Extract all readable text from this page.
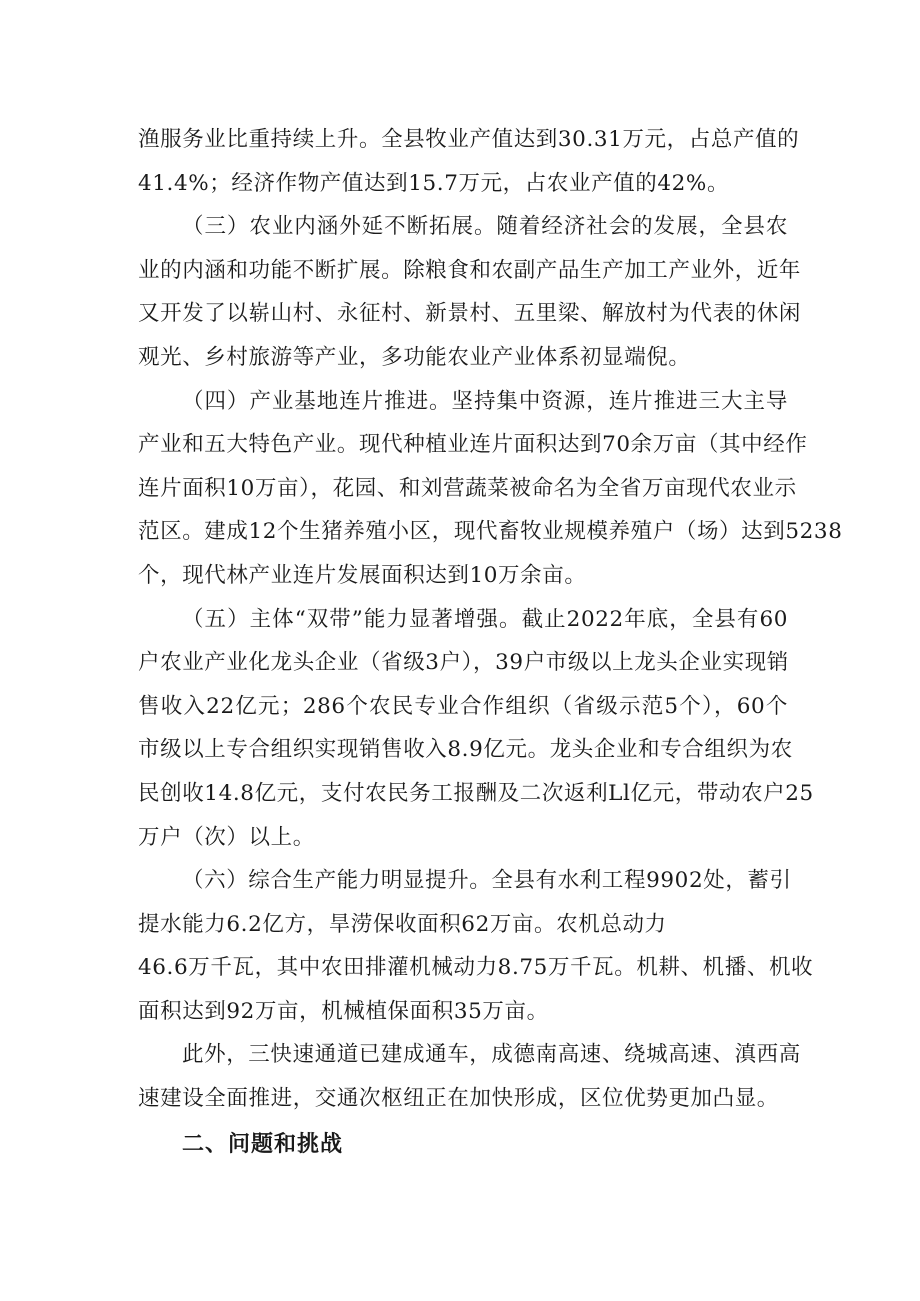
渔服务业比重持续上升。全县牧业产值达到30.31万元，占总产值的
41.4%；经济作物产值达到15.7万元，占农业产值的42%。
（三）农业内涵外延不断拓展。随着经济社会的发展，全县农
业的内涵和功能不断扩展。除粮食和农副产品生产加工产业外，近年
又开发了以崭山村、永征村、新景村、五里梁、解放村为代表的休闲
观光、乡村旅游等产业，多功能农业产业体系初显端倪。
（四）产业基地连片推进。坚持集中资源，连片推进三大主导
产业和五大特色产业。现代种植业连片面积达到70余万亩（其中经作
连片面积10万亩），花园、和刘营蔬菜被命名为全省万亩现代农业示
范区。建成12个生猪养殖小区，现代畜牧业规模养殖户（场）达到5238
个，现代林产业连片发展面积达到10万余亩。
（五）主体“双带”能力显著增强。截止2022年底，全县有60
户农业产业化龙头企业（省级3户），39户市级以上龙头企业实现销
售收入22亿元；286个农民专业合作组织（省级示范5个），60个
市级以上专合组织实现销售收入8.9亿元。龙头企业和专合组织为农
民创收14.8亿元，支付农民务工报酬及二次返利Ll亿元，带动农户25
万户（次）以上。
（六）综合生产能力明显提升。全县有水利工程9902处，蓄引
提水能力6.2亿方，旱涝保收面积62万亩。农机总动力
46.6万千瓦，其中农田排灌机械动力8.75万千瓦。机耕、机播、机收
面积达到92万亩，机械植保面积35万亩。
此外，三快速通道已建成通车，成德南高速、绕城高速、滇西高
速建设全面推进，交通次枢纽正在加快形成，区位优势更加凸显。
二、问题和挑战
